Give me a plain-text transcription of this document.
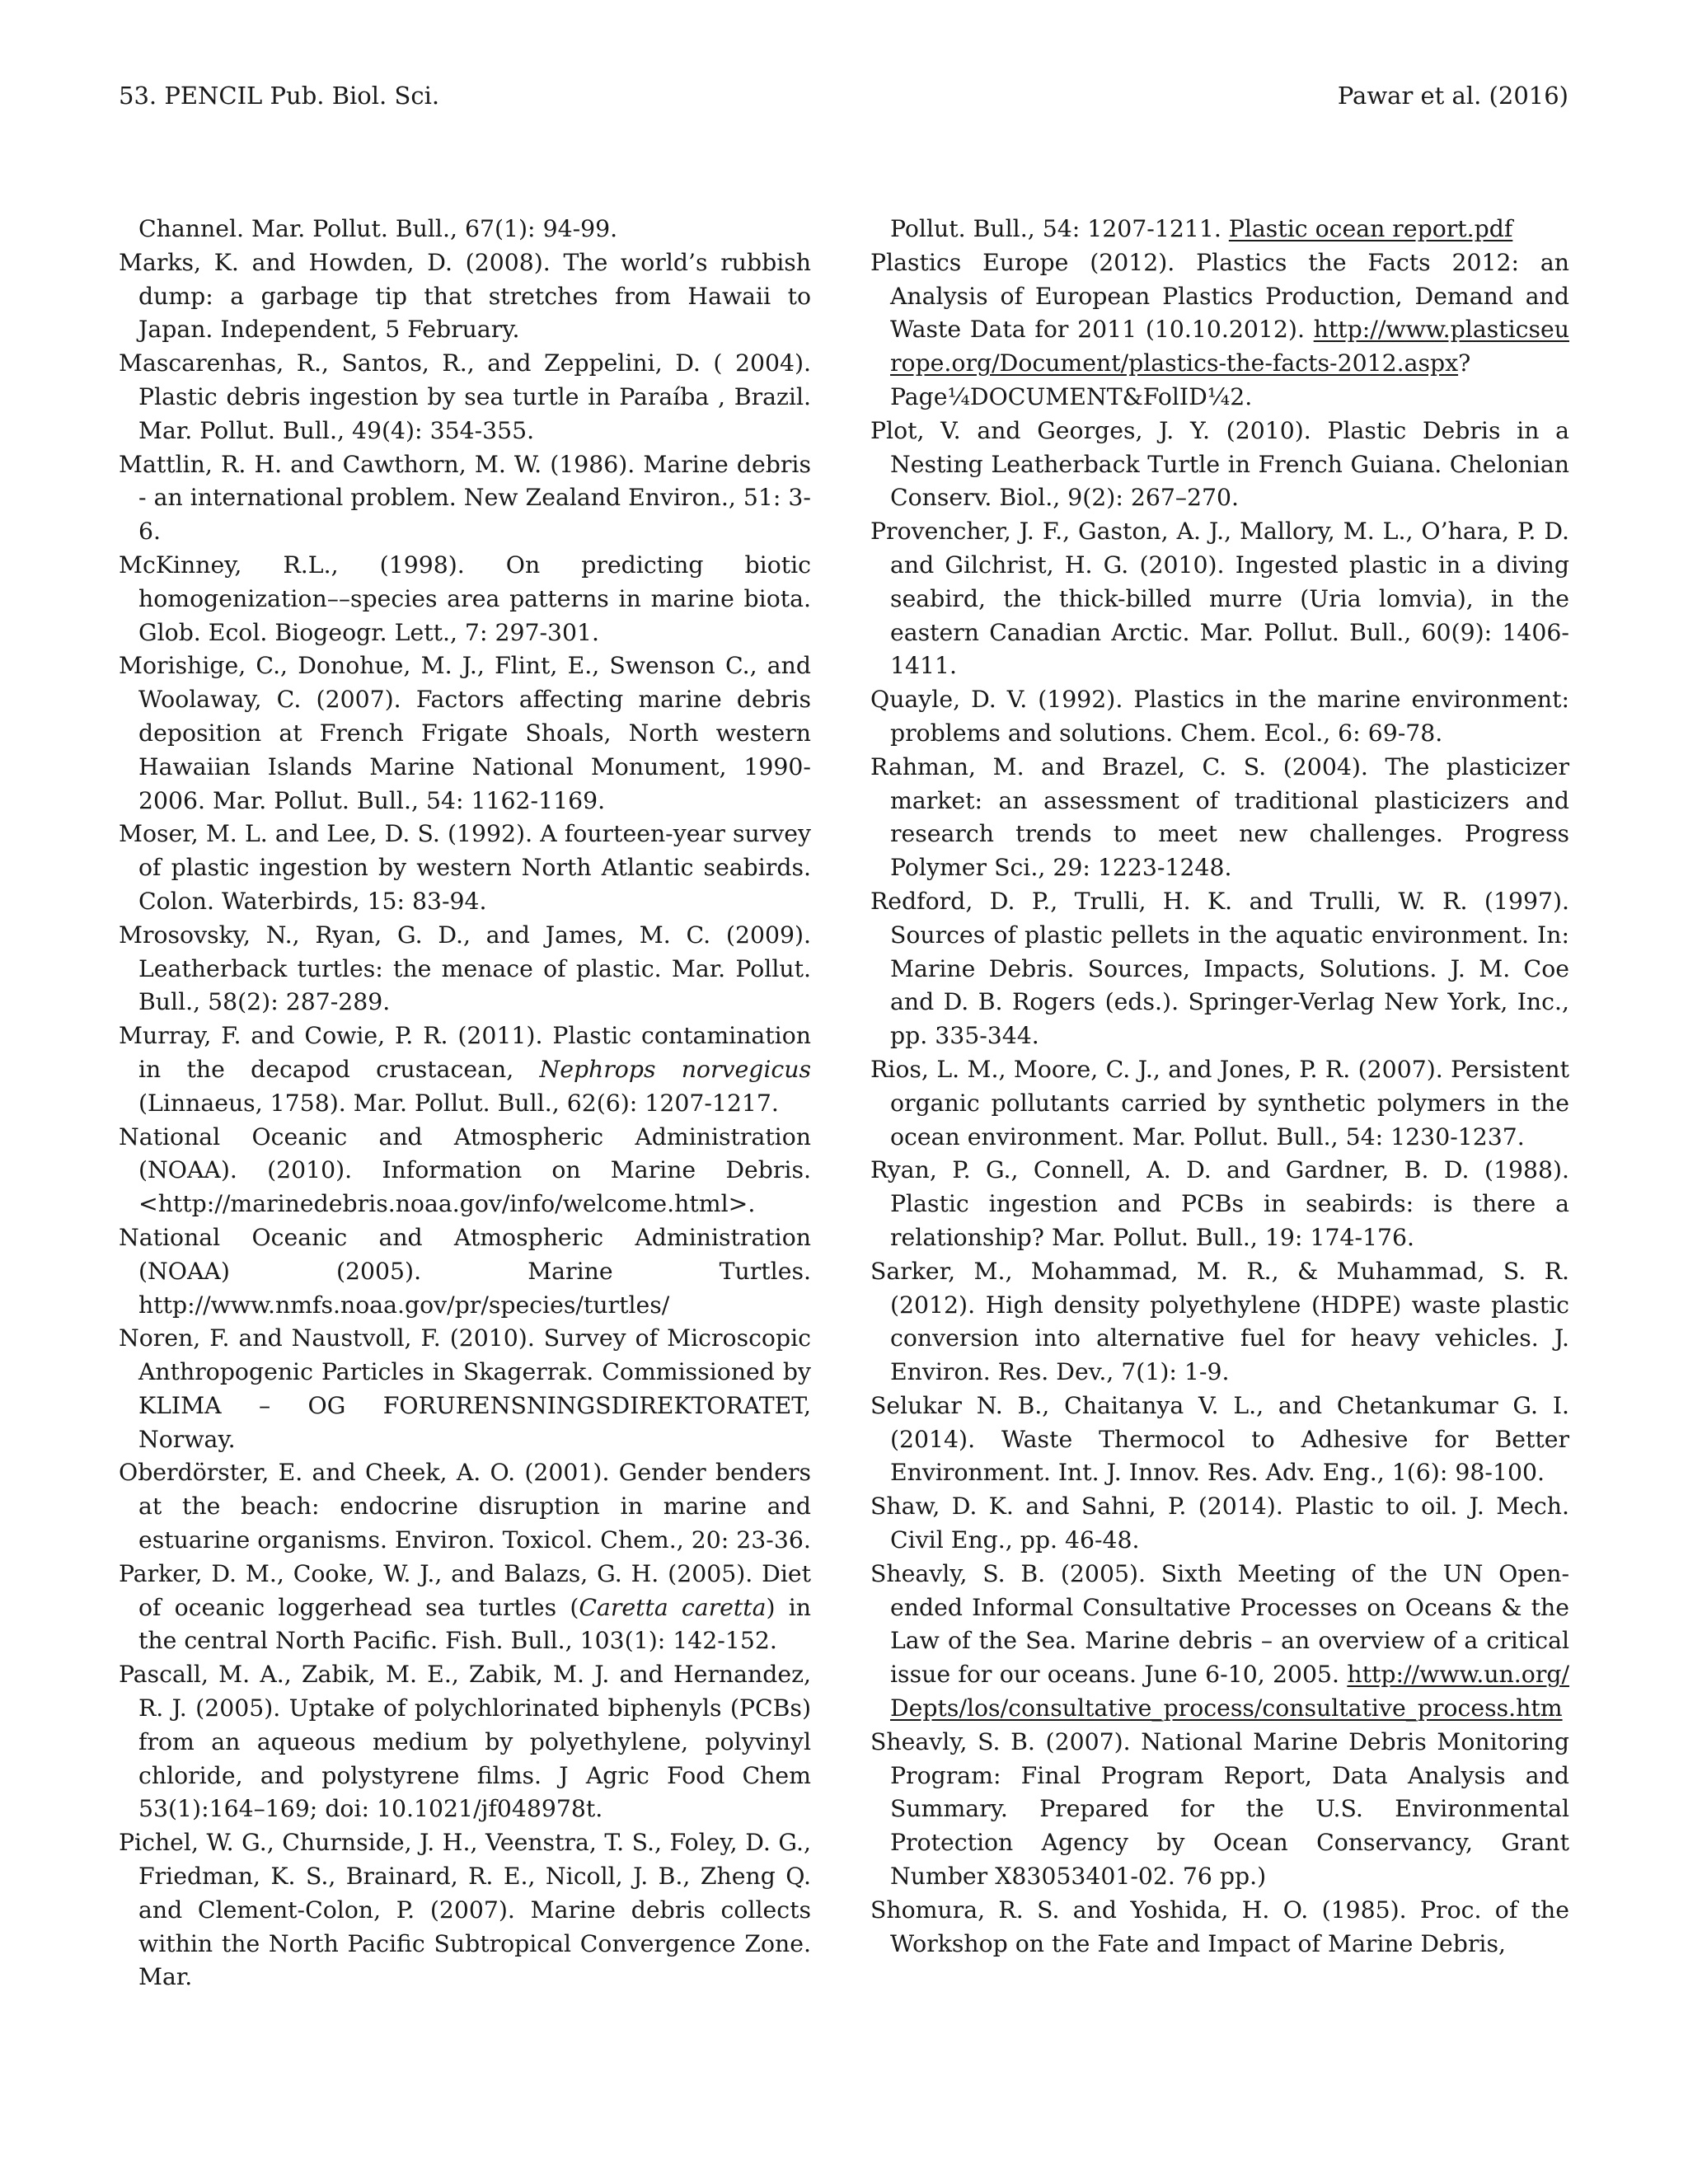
53. PENCIL Pub. Biol. Sci.	Pawar et al. (2016)

Channel. Mar. Pollut. Bull., 67(1): 94-99.

Marks, K. and Howden, D. (2008). The world’s rubbish dump: a garbage tip that stretches from Hawaii to Japan. Independent, 5 February.

Mascarenhas, R., Santos, R., and Zeppelini, D. ( 2004). Plastic debris ingestion by sea turtle in Paraíba , Brazil. Mar. Pollut. Bull., 49(4): 354-355.

Mattlin, R. H. and Cawthorn, M. W. (1986). Marine debris - an international problem. New Zealand Environ., 51: 3-6.

McKinney, R.L., (1998). On predicting biotic homogenization––species area patterns in marine biota. Glob. Ecol. Biogeogr. Lett., 7: 297-301.

Morishige, C., Donohue, M. J., Flint, E., Swenson C., and Woolaway, C. (2007). Factors affecting marine debris deposition at French Frigate Shoals, North western Hawaiian Islands Marine National Monument, 1990-2006. Mar. Pollut. Bull., 54: 1162-1169.

Moser, M. L. and Lee, D. S. (1992). A fourteen-year survey of plastic ingestion by western North Atlantic seabirds. Colon. Waterbirds, 15: 83-94.

Mrosovsky, N., Ryan, G. D., and James, M. C. (2009). Leatherback turtles: the menace of plastic. Mar. Pollut. Bull., 58(2): 287-289.

Murray, F. and Cowie, P. R. (2011). Plastic contamination in the decapod crustacean, Nephrops norvegicus (Linnaeus, 1758). Mar. Pollut. Bull., 62(6): 1207-1217.

National Oceanic and Atmospheric Administration (NOAA). (2010). Information on Marine Debris. <http://marinedebris.noaa.gov/info/welcome.html>.

National Oceanic and Atmospheric Administration (NOAA) (2005). Marine Turtles. http://www.nmfs.noaa.gov/pr/species/turtles/

Noren, F. and Naustvoll, F. (2010). Survey of Microscopic Anthropogenic Particles in Skagerrak. Commissioned by KLIMA – OG FORURENSNINGSDIREKTORATET, Norway.

Oberdörster, E. and Cheek, A. O. (2001). Gender benders at the beach: endocrine disruption in marine and estuarine organisms. Environ. Toxicol. Chem., 20: 23-36.

Parker, D. M., Cooke, W. J., and Balazs, G. H. (2005). Diet of oceanic loggerhead sea turtles (Caretta caretta) in the central North Pacific. Fish. Bull., 103(1): 142-152.

Pascall, M. A., Zabik, M. E., Zabik, M. J. and Hernandez, R. J. (2005). Uptake of polychlorinated biphenyls (PCBs) from an aqueous medium by polyethylene, polyvinyl chloride, and polystyrene films. J Agric Food Chem 53(1):164–169; doi: 10.1021/jf048978t.

Pichel, W. G., Churnside, J. H., Veenstra, T. S., Foley, D. G., Friedman, K. S., Brainard, R. E., Nicoll, J. B., Zheng Q. and Clement-Colon, P. (2007). Marine debris collects within the North Pacific Subtropical Convergence Zone. Mar.

Pollut. Bull., 54: 1207-1211. Plastic ocean report.pdf

Plastics Europe (2012). Plastics the Facts 2012: an Analysis of European Plastics Production, Demand and Waste Data for 2011 (10.10.2012). http://www.plasticseurope.org/Document/plastics-the-facts-2012.aspx? Page¼DOCUMENT&FolID¼2.

Plot, V. and Georges, J. Y. (2010). Plastic Debris in a Nesting Leatherback Turtle in French Guiana. Chelonian Conserv. Biol., 9(2): 267–270.

Provencher, J. F., Gaston, A. J., Mallory, M. L., O’hara, P. D. and Gilchrist, H. G. (2010). Ingested plastic in a diving seabird, the thick-billed murre (Uria lomvia), in the eastern Canadian Arctic. Mar. Pollut. Bull., 60(9): 1406-1411.

Quayle, D. V. (1992). Plastics in the marine environment: problems and solutions. Chem. Ecol., 6: 69-78.

Rahman, M. and Brazel, C. S. (2004). The plasticizer market: an assessment of traditional plasticizers and research trends to meet new challenges. Progress Polymer Sci., 29: 1223-1248.

Redford, D. P., Trulli, H. K. and Trulli, W. R. (1997). Sources of plastic pellets in the aquatic environment. In: Marine Debris. Sources, Impacts, Solutions. J. M. Coe and D. B. Rogers (eds.). Springer-Verlag New York, Inc., pp. 335-344.

Rios, L. M., Moore, C. J., and Jones, P. R. (2007). Persistent organic pollutants carried by synthetic polymers in the ocean environment. Mar. Pollut. Bull., 54: 1230-1237.

Ryan, P. G., Connell, A. D. and Gardner, B. D. (1988). Plastic ingestion and PCBs in seabirds: is there a relationship? Mar. Pollut. Bull., 19: 174-176.

Sarker, M., Mohammad, M. R., & Muhammad, S. R. (2012). High density polyethylene (HDPE) waste plastic conversion into alternative fuel for heavy vehicles. J. Environ. Res. Dev., 7(1): 1-9.

Selukar N. B., Chaitanya V. L., and Chetankumar G. I. (2014). Waste Thermocol to Adhesive for Better Environment. Int. J. Innov. Res. Adv. Eng., 1(6): 98-100.

Shaw, D. K. and Sahni, P. (2014). Plastic to oil. J. Mech. Civil Eng., pp. 46-48.

Sheavly, S. B. (2005). Sixth Meeting of the UN Open-ended Informal Consultative Processes on Oceans & the Law of the Sea. Marine debris – an overview of a critical issue for our oceans. June 6-10, 2005. http://www.un.org/Depts/los/consultative_process/consultative_process.htm

Sheavly, S. B. (2007). National Marine Debris Monitoring Program: Final Program Report, Data Analysis and Summary. Prepared for the U.S. Environmental Protection Agency by Ocean Conservancy, Grant Number X83053401-02. 76 pp.)

Shomura, R. S. and Yoshida, H. O. (1985). Proc. of the Workshop on the Fate and Impact of Marine Debris,
